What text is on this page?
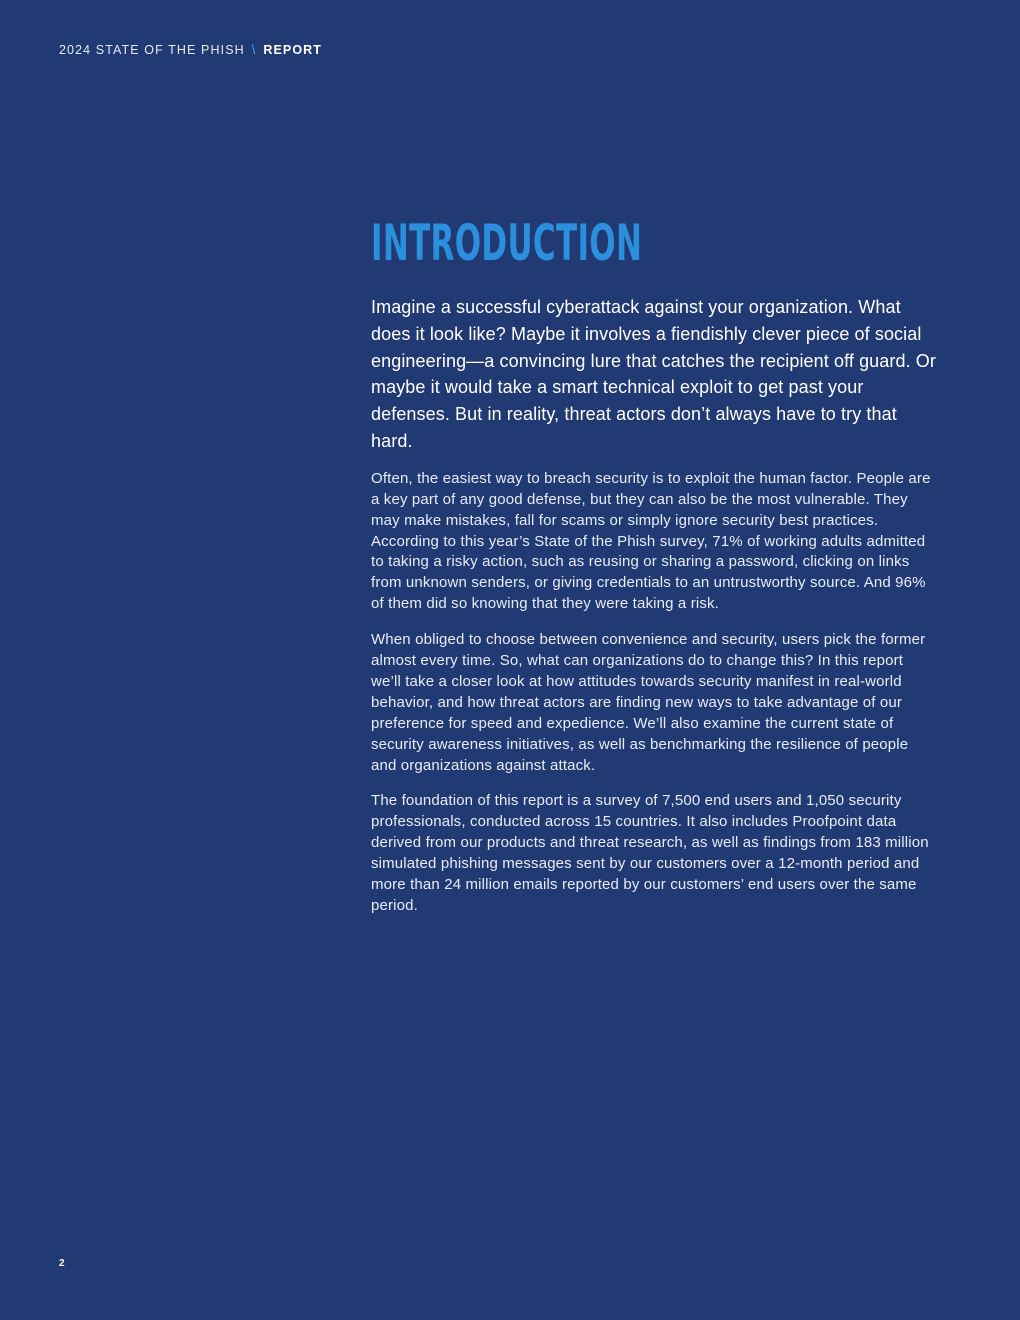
2024 STATE OF THE PHISH \ REPORT
INTRODUCTION

Imagine a successful cyberattack against your organization. What does it look like? Maybe it involves a fiendishly clever piece of social engineering—a convincing lure that catches the recipient off guard. Or maybe it would take a smart technical exploit to get past your defenses. But in reality, threat actors don’t always have to try that hard.

Often, the easiest way to breach security is to exploit the human factor. People are a key part of any good defense, but they can also be the most vulnerable. They may make mistakes, fall for scams or simply ignore security best practices. According to this year’s State of the Phish survey, 71% of working adults admitted to taking a risky action, such as reusing or sharing a password, clicking on links from unknown senders, or giving credentials to an untrustworthy source. And 96% of them did so knowing that they were taking a risk.

When obliged to choose between convenience and security, users pick the former almost every time. So, what can organizations do to change this? In this report we’ll take a closer look at how attitudes towards security manifest in real-world behavior, and how threat actors are finding new ways to take advantage of our preference for speed and expedience. We’ll also examine the current state of security awareness initiatives, as well as benchmarking the resilience of people and organizations against attack.

The foundation of this report is a survey of 7,500 end users and 1,050 security professionals, conducted across 15 countries. It also includes Proofpoint data derived from our products and threat research, as well as findings from 183 million simulated phishing messages sent by our customers over a 12-month period and more than 24 million emails reported by our customers’ end users over the same period.

2
